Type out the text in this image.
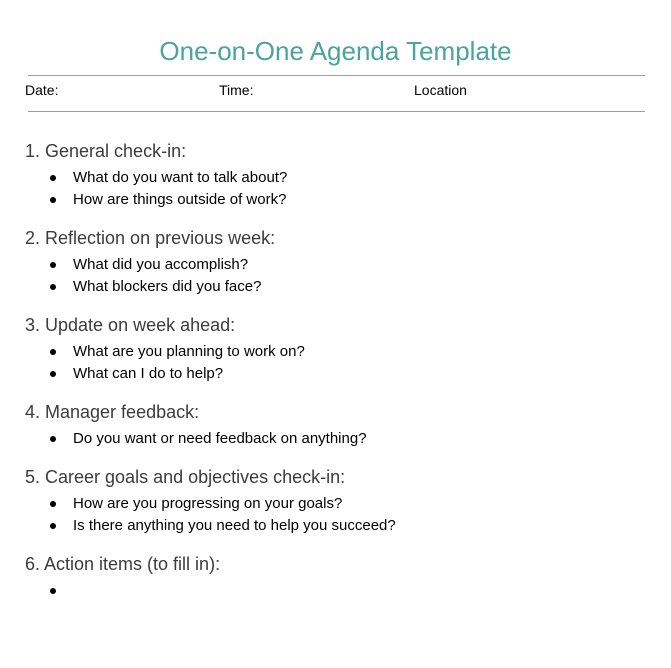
One-on-One Agenda Template
Date:	Time:	Location
1. General check-in:
What do you want to talk about?
How are things outside of work?
2. Reflection on previous week:
What did you accomplish?
What blockers did you face?
3. Update on week ahead:
What are you planning to work on?
What can I do to help?
4. Manager feedback:
Do you want or need feedback on anything?
5. Career goals and objectives check-in:
How are you progressing on your goals?
Is there anything you need to help you succeed?
6. Action items (to fill in):
